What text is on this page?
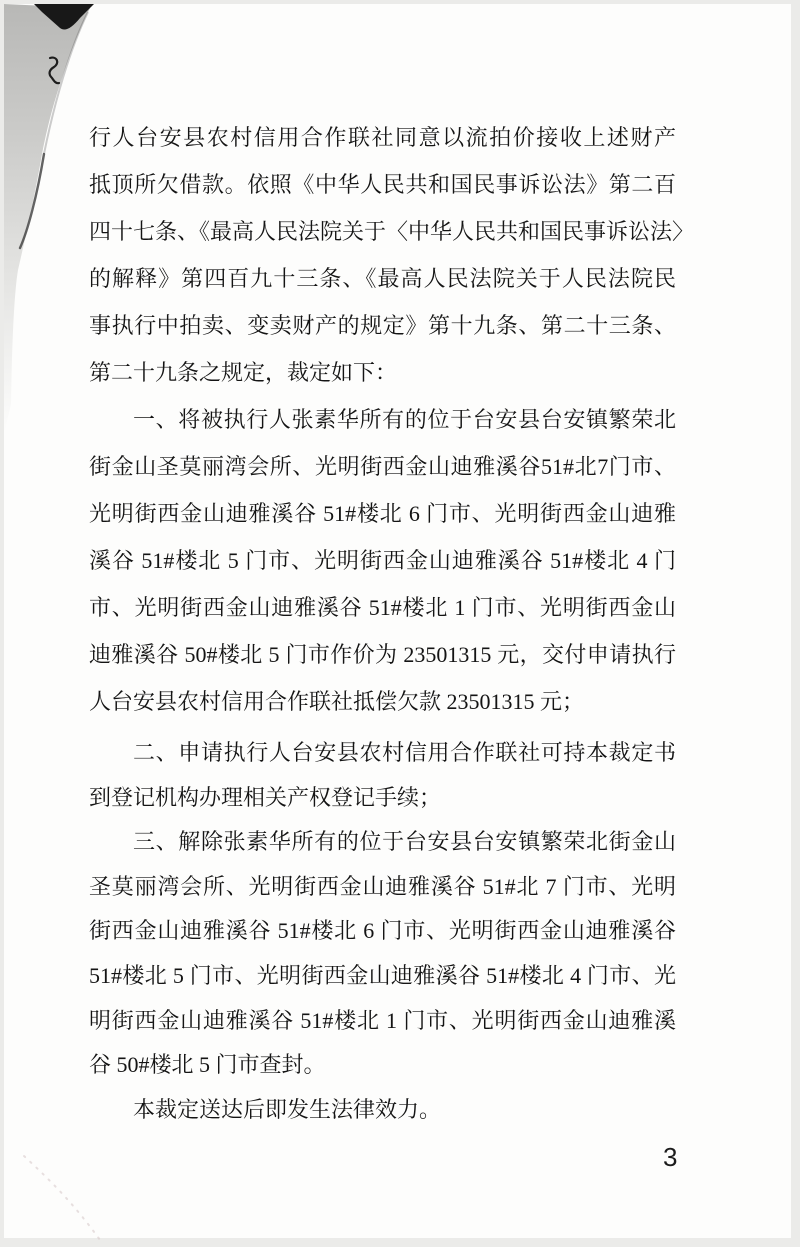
行人台安县农村信用合作联社同意以流拍价接收上述财产
抵顶所欠借款。依照《中华人民共和国民事诉讼法》第二百
四十七条、《最高人民法院关于〈中华人民共和国民事诉讼法〉
的解释》第四百九十三条、《最高人民法院关于人民法院民
事执行中拍卖、变卖财产的规定》第十九条、第二十三条、
第二十九条之规定，裁定如下：
一、将被执行人张素华所有的位于台安县台安镇繁荣北
街金山圣莫丽湾会所、光明街西金山迪雅溪谷51#北7门市、
光明街西金山迪雅溪谷 51#楼北 6 门市、光明街西金山迪雅
溪谷 51#楼北 5 门市、光明街西金山迪雅溪谷 51#楼北 4 门
市、光明街西金山迪雅溪谷 51#楼北 1 门市、光明街西金山
迪雅溪谷 50#楼北 5 门市作价为 23501315 元，交付申请执行
人台安县农村信用合作联社抵偿欠款 23501315 元；
二、申请执行人台安县农村信用合作联社可持本裁定书
到登记机构办理相关产权登记手续；
三、解除张素华所有的位于台安县台安镇繁荣北街金山
圣莫丽湾会所、光明街西金山迪雅溪谷 51#北 7 门市、光明
街西金山迪雅溪谷 51#楼北 6 门市、光明街西金山迪雅溪谷
51#楼北 5 门市、光明街西金山迪雅溪谷 51#楼北 4 门市、光
明街西金山迪雅溪谷 51#楼北 1 门市、光明街西金山迪雅溪
谷 50#楼北 5 门市查封。
本裁定送达后即发生法律效力。
3
